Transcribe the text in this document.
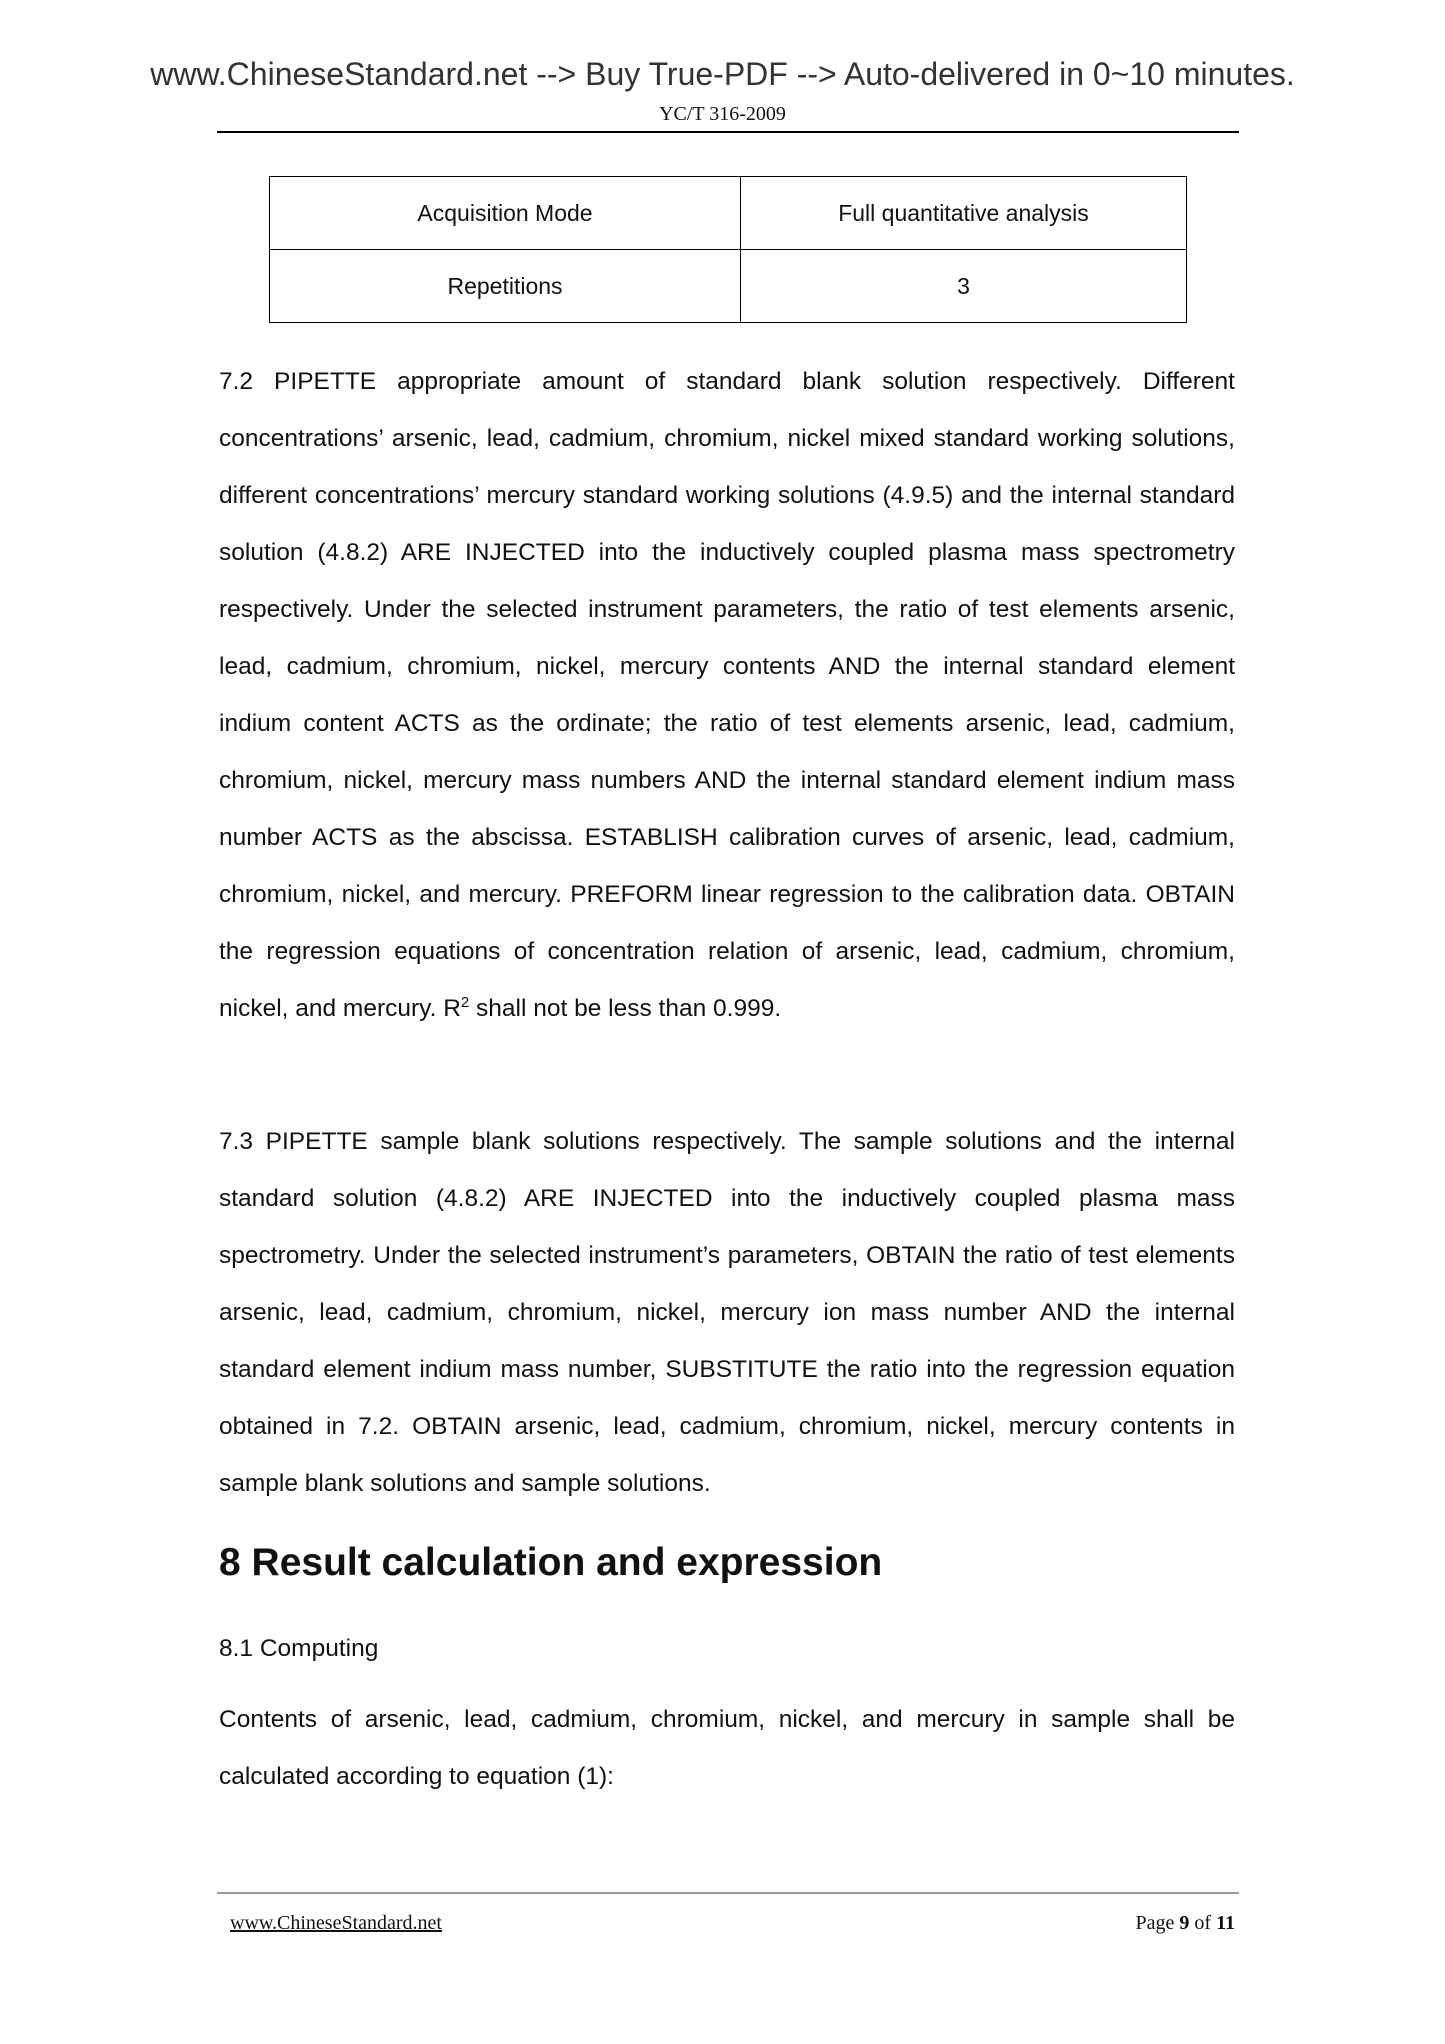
www.ChineseStandard.net --> Buy True-PDF --> Auto-delivered in 0~10 minutes.
YC/T 316-2009
Acquisition Mode	Full quantitative analysis
Repetitions	3

7.2 PIPETTE appropriate amount of standard blank solution respectively. Different concentrations’ arsenic, lead, cadmium, chromium, nickel mixed standard working solutions, different concentrations’ mercury standard working solutions (4.9.5) and the internal standard solution (4.8.2) ARE INJECTED into the inductively coupled plasma mass spectrometry respectively. Under the selected instrument parameters, the ratio of test elements arsenic, lead, cadmium, chromium, nickel, mercury contents AND the internal standard element indium content ACTS as the ordinate; the ratio of test elements arsenic, lead, cadmium, chromium, nickel, mercury mass numbers AND the internal standard element indium mass number ACTS as the abscissa. ESTABLISH calibration curves of arsenic, lead, cadmium, chromium, nickel, and mercury. PREFORM linear regression to the calibration data. OBTAIN the regression equations of concentration relation of arsenic, lead, cadmium, chromium, nickel, and mercury. $R^2$ shall not be less than 0.999.

7.3 PIPETTE sample blank solutions respectively. The sample solutions and the internal standard solution (4.8.2) ARE INJECTED into the inductively coupled plasma mass spectrometry. Under the selected instrument’s parameters, OBTAIN the ratio of test elements arsenic, lead, cadmium, chromium, nickel, mercury ion mass number AND the internal standard element indium mass number, SUBSTITUTE the ratio into the regression equation obtained in 7.2. OBTAIN arsenic, lead, cadmium, chromium, nickel, mercury contents in sample blank solutions and sample solutions.
8 Result calculation and expression
8.1 Computing
Contents of arsenic, lead, cadmium, chromium, nickel, and mercury in sample shall be calculated according to equation (1):
www.ChineseStandard.net	Page 9 of 11
